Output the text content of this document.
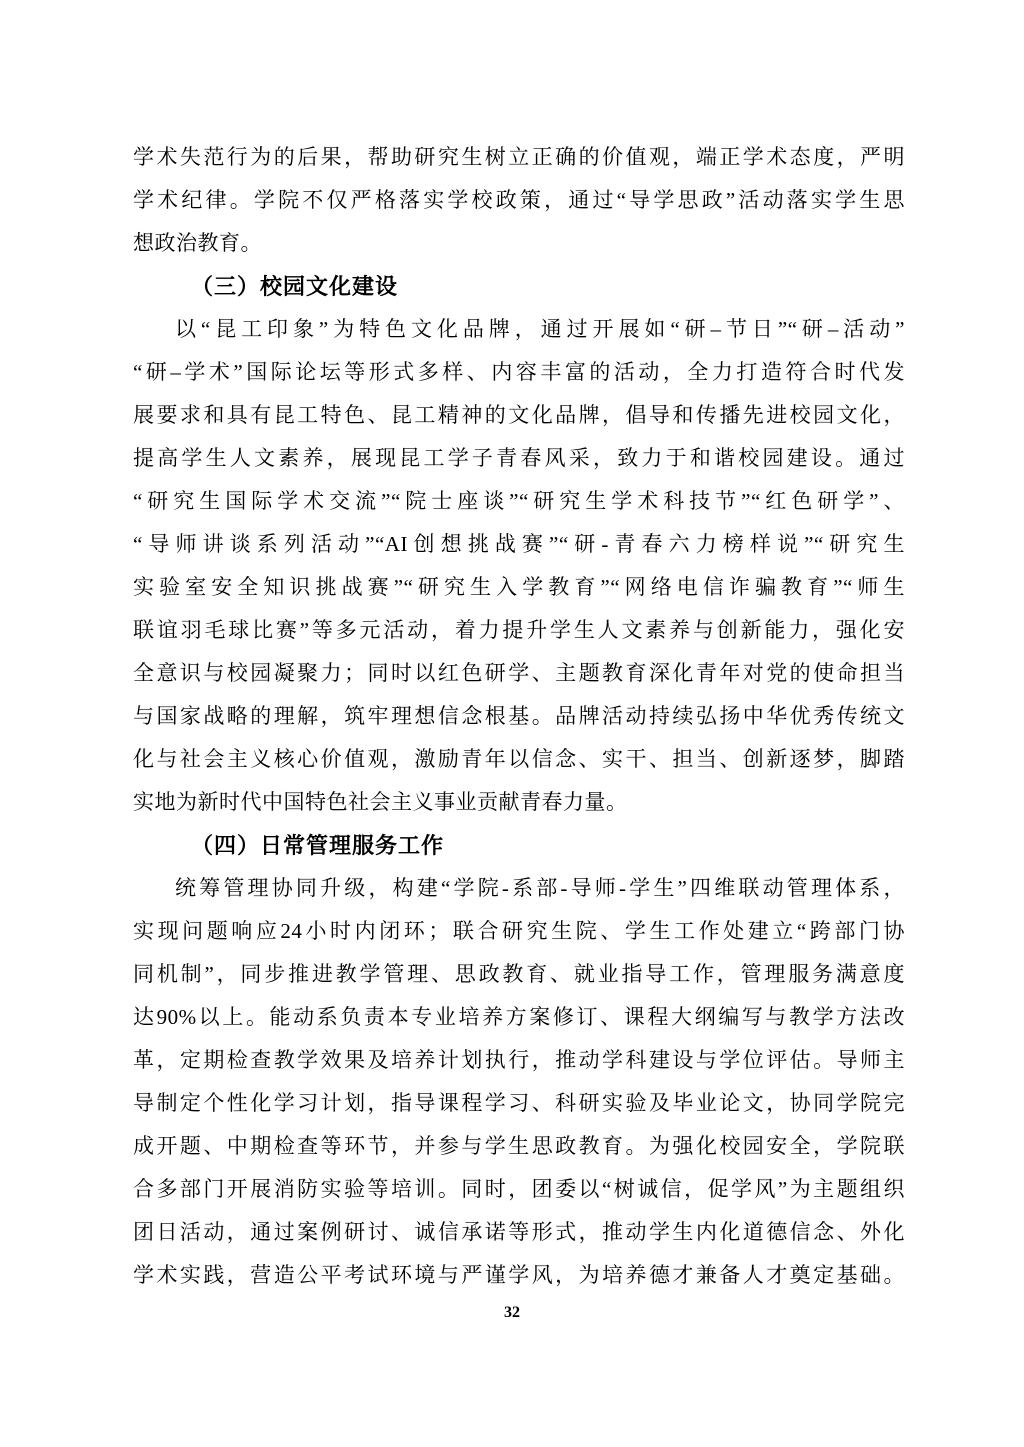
学术失范行为的后果，帮助研究生树立正确的价值观，端正学术态度，严明
学术纪律。学院不仅严格落实学校政策，通过“导学思政”活动落实学生思
想政治教育。
（三）校园文化建设
以“昆工印象”为特色文化品牌，通过开展如“研–节日”“研–活动”
“研–学术”国际论坛等形式多样、内容丰富的活动，全力打造符合时代发
展要求和具有昆工特色、昆工精神的文化品牌，倡导和传播先进校园文化，
提高学生人文素养，展现昆工学子青春风采，致力于和谐校园建设。通过
“研究生国际学术交流”“院士座谈”“研究生学术科技节”“红色研学”、
“导师讲谈系列活动”“AI创想挑战赛”“研-青春六力榜样说”“研究生
实验室安全知识挑战赛”“研究生入学教育”“网络电信诈骗教育”“师生
联谊羽毛球比赛”等多元活动，着力提升学生人文素养与创新能力，强化安
全意识与校园凝聚力；同时以红色研学、主题教育深化青年对党的使命担当
与国家战略的理解，筑牢理想信念根基。品牌活动持续弘扬中华优秀传统文
化与社会主义核心价值观，激励青年以信念、实干、担当、创新逐梦，脚踏
实地为新时代中国特色社会主义事业贡献青春力量。
（四）日常管理服务工作
统筹管理协同升级，构建“学院-系部-导师-学生”四维联动管理体系，
实现问题响应24小时内闭环；联合研究生院、学生工作处建立“跨部门协
同机制”，同步推进教学管理、思政教育、就业指导工作，管理服务满意度
达90%以上。能动系负责本专业培养方案修订、课程大纲编写与教学方法改
革，定期检查教学效果及培养计划执行，推动学科建设与学位评估。导师主
导制定个性化学习计划，指导课程学习、科研实验及毕业论文，协同学院完
成开题、中期检查等环节，并参与学生思政教育。为强化校园安全，学院联
合多部门开展消防实验等培训。同时，团委以“树诚信，促学风”为主题组织
团日活动，通过案例研讨、诚信承诺等形式，推动学生内化道德信念、外化
学术实践，营造公平考试环境与严谨学风，为培养德才兼备人才奠定基础。
32
